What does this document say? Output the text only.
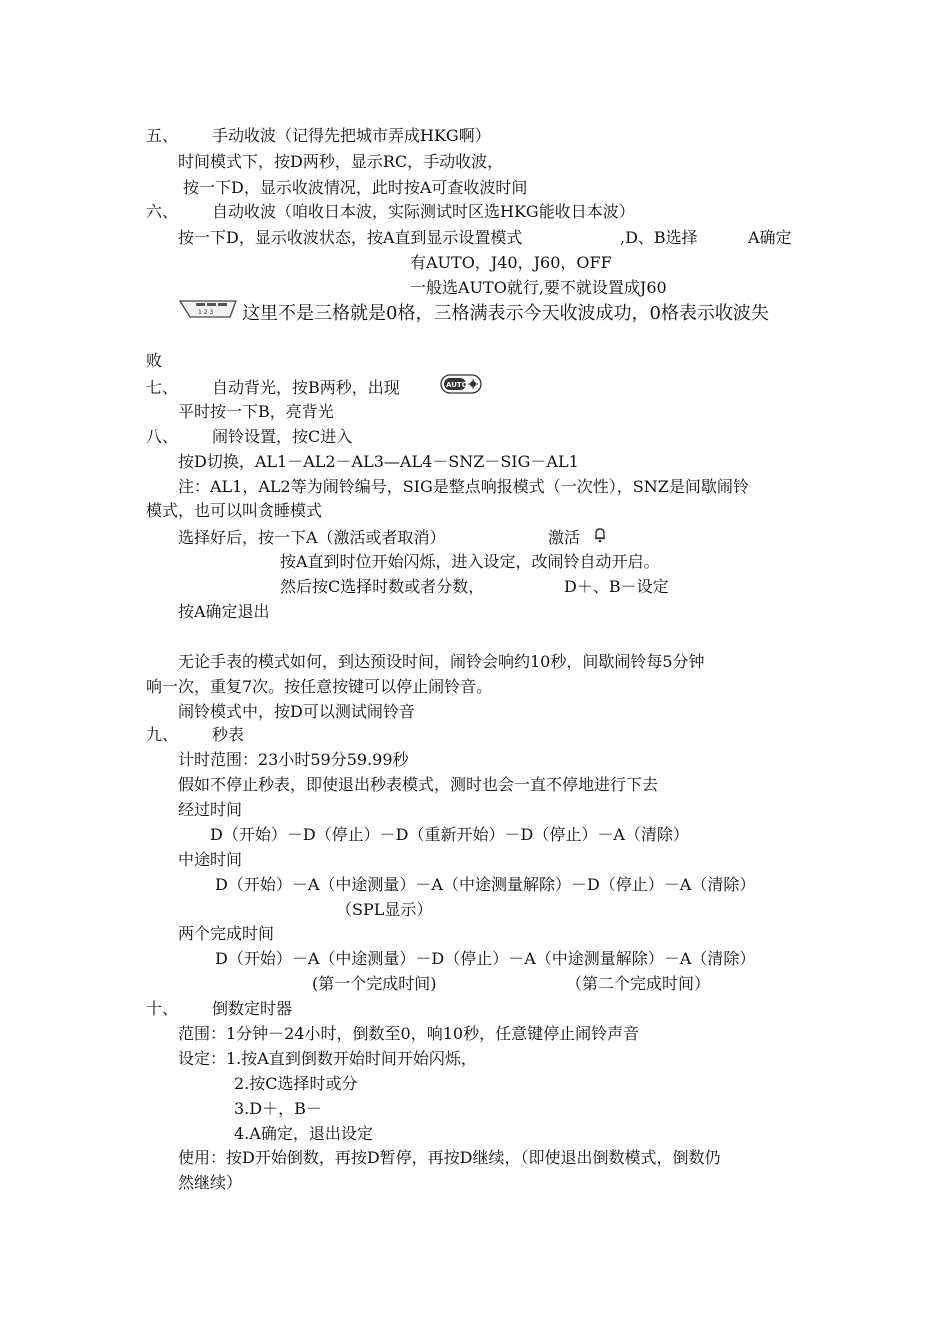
五、 手动收波（记得先把城市弄成HKG啊）
时间模式下，按D两秒，显示RC，手动收波，
按一下D，显示收波情况，此时按A可查收波时间
六、 自动收波（咱收日本波，实际测试时区选HKG能收日本波）
按一下D，显示收波状态，按A直到显示设置模式	,D、B选择	A确定
有AUTO，J40，J60，OFF
一般选AUTO就行,要不就设置成J60
1 2 3 这里不是三格就是0格，三格满表示今天收波成功，0格表示收波失
败
七、 自动背光，按B两秒，出现	AUTO
平时按一下B，亮背光
八、 闹铃设置，按C进入
按D切换，AL1－AL2－AL3—AL4－SNZ－SIG－AL1
注：AL1，AL2等为闹铃编号，SIG是整点响报模式（一次性），SNZ是间歇闹铃
模式，也可以叫贪睡模式
选择好后，按一下A（激活或者取消）	激活
按A直到时位开始闪烁，进入设定，改闹铃自动开启。
然后按C选择时数或者分数，	D＋、B－设定
按A确定退出
无论手表的模式如何，到达预设时间，闹铃会响约10秒，间歇闹铃每5分钟
响一次，重复7次。按任意按键可以停止闹铃音。
闹铃模式中，按D可以测试闹铃音
九、 秒表
计时范围：23小时59分59.99秒
假如不停止秒表，即使退出秒表模式，测时也会一直不停地进行下去
经过时间
D（开始）－D（停止）－D（重新开始）－D（停止）－A（清除）
中途时间
D（开始）－A（中途测量）－A（中途测量解除）－D（停止）－A（清除）
（SPL显示）
两个完成时间
D（开始）－A（中途测量）－D（停止）－A（中途测量解除）－A（清除）
(第一个完成时间)	（第二个完成时间）
十、 倒数定时器
范围：1分钟－24小时，倒数至0，响10秒，任意键停止闹铃声音
设定：1.按A直到倒数开始时间开始闪烁，
2.按C选择时或分
3.D＋，B－
4.A确定，退出设定
使用：按D开始倒数，再按D暂停，再按D继续，（即使退出倒数模式，倒数仍
然继续）
